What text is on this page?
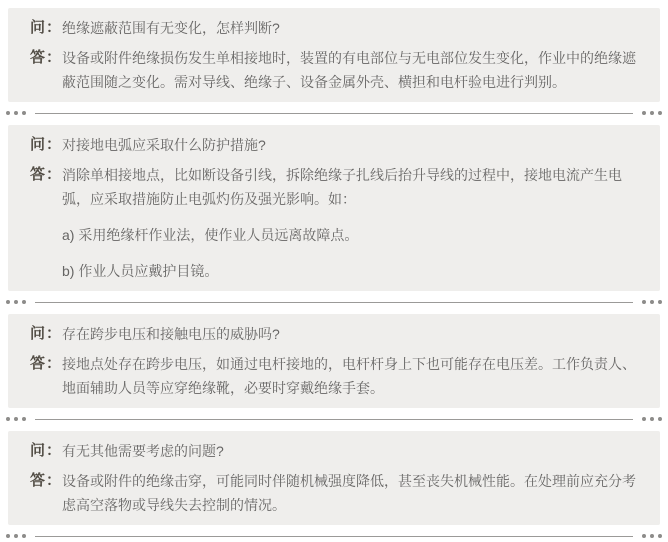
问： 绝缘遮蔽范围有无变化，怎样判断?
答： 设备或附件绝缘损伤发生单相接地时，装置的有电部位与无电部位发生变化，作业中的绝缘遮
蔽范围随之变化。需对导线、绝缘子、设备金属外壳、横担和电杆验电进行判别。
问： 对接地电弧应采取什么防护措施?
答： 消除单相接地点，比如断设备引线，拆除绝缘子扎线后抬升导线的过程中，接地电流产生电
弧，应采取措施防止电弧灼伤及强光影响。如：
a) 采用绝缘杆作业法，使作业人员远离故障点。
b) 作业人员应戴护目镜。
问： 存在跨步电压和接触电压的威胁吗?
答： 接地点处存在跨步电压，如通过电杆接地的，电杆杆身上下也可能存在电压差。工作负责人、
地面辅助人员等应穿绝缘靴，必要时穿戴绝缘手套。
问： 有无其他需要考虑的问题?
答： 设备或附件的绝缘击穿，可能同时伴随机械强度降低，甚至丧失机械性能。在处理前应充分考
虑高空落物或导线失去控制的情况。
